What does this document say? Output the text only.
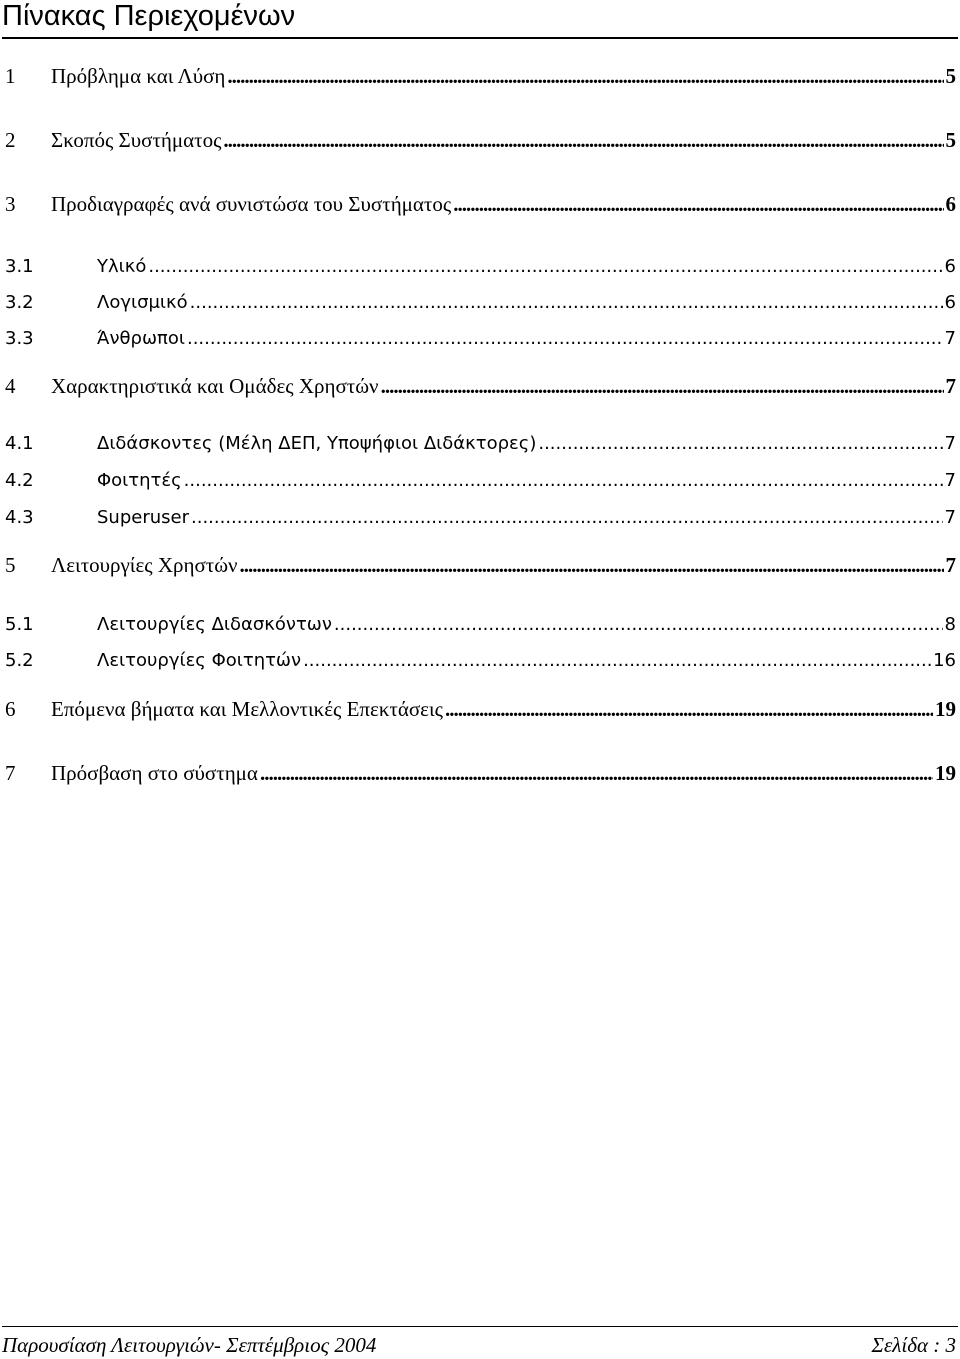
Πίνακας Περιεχομένων
1	Πρόβλημα και Λύση .....	5
2	Σκοπός Συστήματος .....	5
3	Προδιαγραφές ανά συνιστώσα του Συστήματος .....	6
3.1	Υλικό .....	6
3.2	Λογισμικό .....	6
3.3	Άνθρωποι .....	7
4	Χαρακτηριστικά και Ομάδες Χρηστών .....	7
4.1	Διδάσκοντες (Μέλη ΔΕΠ, Υποψήφιοι Διδάκτορες) .....	7
4.2	Φοιτητές .....	7
4.3	Superuser .....	7
5	Λειτουργίες Χρηστών .....	7
5.1	Λειτουργίες Διδασκόντων .....	8
5.2	Λειτουργίες Φοιτητών .....	16
6	Επόμενα βήματα και Μελλοντικές Επεκτάσεις .....	19
7	Πρόσβαση στο σύστημα .....	19
Παρουσίαση Λειτουργιών- Σεπτέμβριος 2004	Σελίδα : 3
